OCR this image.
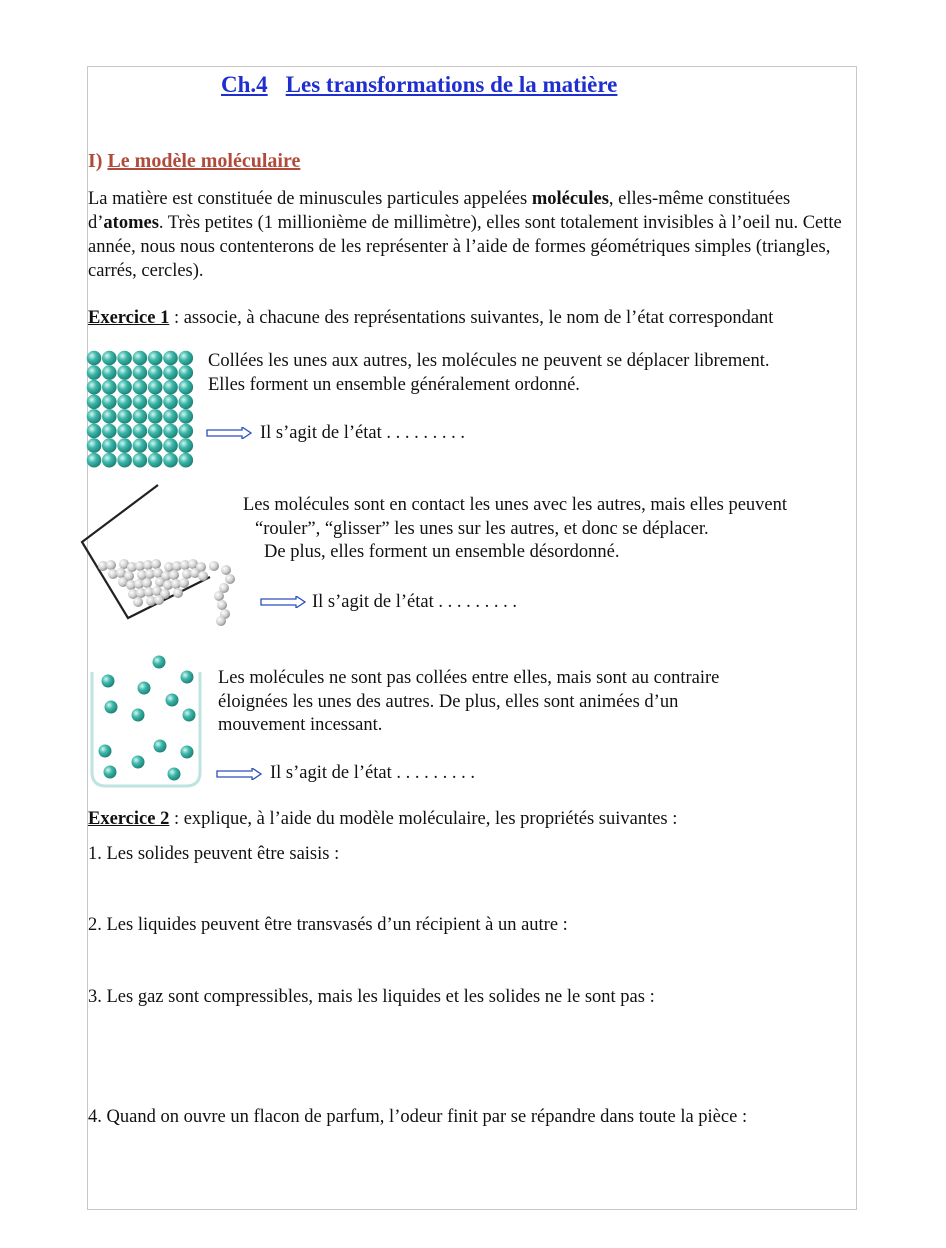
Ch.4 Les transformations de la matière
I) Le modèle moléculaire

La matière est constituée de minuscules particules appelées molécules, elles-même constituées d’atomes. Très petites (1 millionième de millimètre), elles sont totalement invisibles à l’oeil nu. Cette année, nous nous contenterons de les représenter à l’aide de formes géométriques simples (triangles, carrés, cercles).

Exercice 1 : associe, à chacune des représentations suivantes, le nom de l’état correspondant

Collées les unes aux autres, les molécules ne peuvent se déplacer librement.
Elles forment un ensemble généralement ordonné.

Il s’agit de l’état . . . . . . . . .

Les molécules sont en contact les unes avec les autres, mais elles peuvent
“rouler”, “glisser” les unes sur les autres, et donc se déplacer.
De plus, elles forment un ensemble désordonné.

Il s’agit de l’état . . . . . . . . .

Les molécules ne sont pas collées entre elles, mais sont au contraire
éloignées les unes des autres. De plus, elles sont animées d’un
mouvement incessant.

Il s’agit de l’état . . . . . . . . .
Exercice 2 : explique, à l’aide du modèle moléculaire, les propriétés suivantes :
1. Les solides peuvent être saisis :
2. Les liquides peuvent être transvasés d’un récipient à un autre :
3. Les gaz sont compressibles, mais les liquides et les solides ne le sont pas :
4. Quand on ouvre un flacon de parfum, l’odeur finit par se répandre dans toute la pièce :
